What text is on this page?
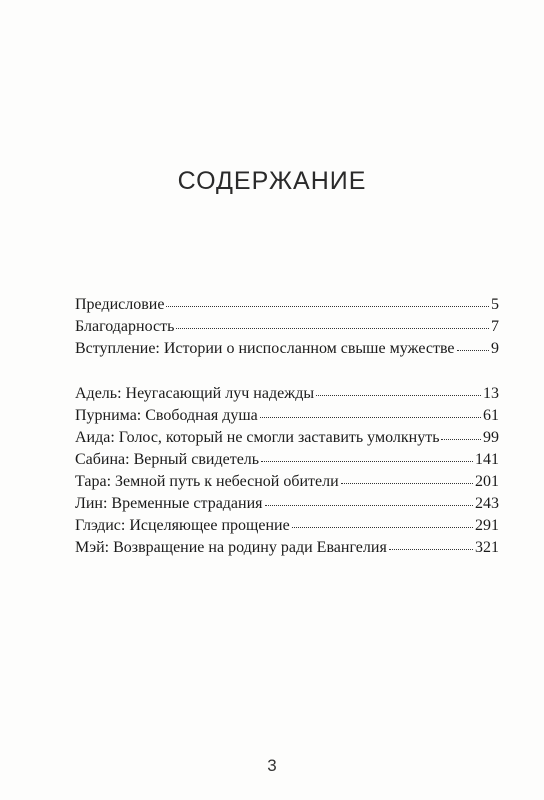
СОДЕРЖАНИЕ
Предисловие	5
Благодарность	7
Вступление: Истории о ниспосланном свыше мужестве 9
Адель: Неугасающий луч надежды	13
Пурнима: Свободная душа	61
Аида: Голос, который не смогли заставить умолкнуть	99
Сабина: Верный свидетель	141
Тара: Земной путь к небесной обители	201
Лин: Временные страдания	243
Глэдис: Исцеляющее прощение	291
Мэй: Возвращение на родину ради Евангелия	321
3
